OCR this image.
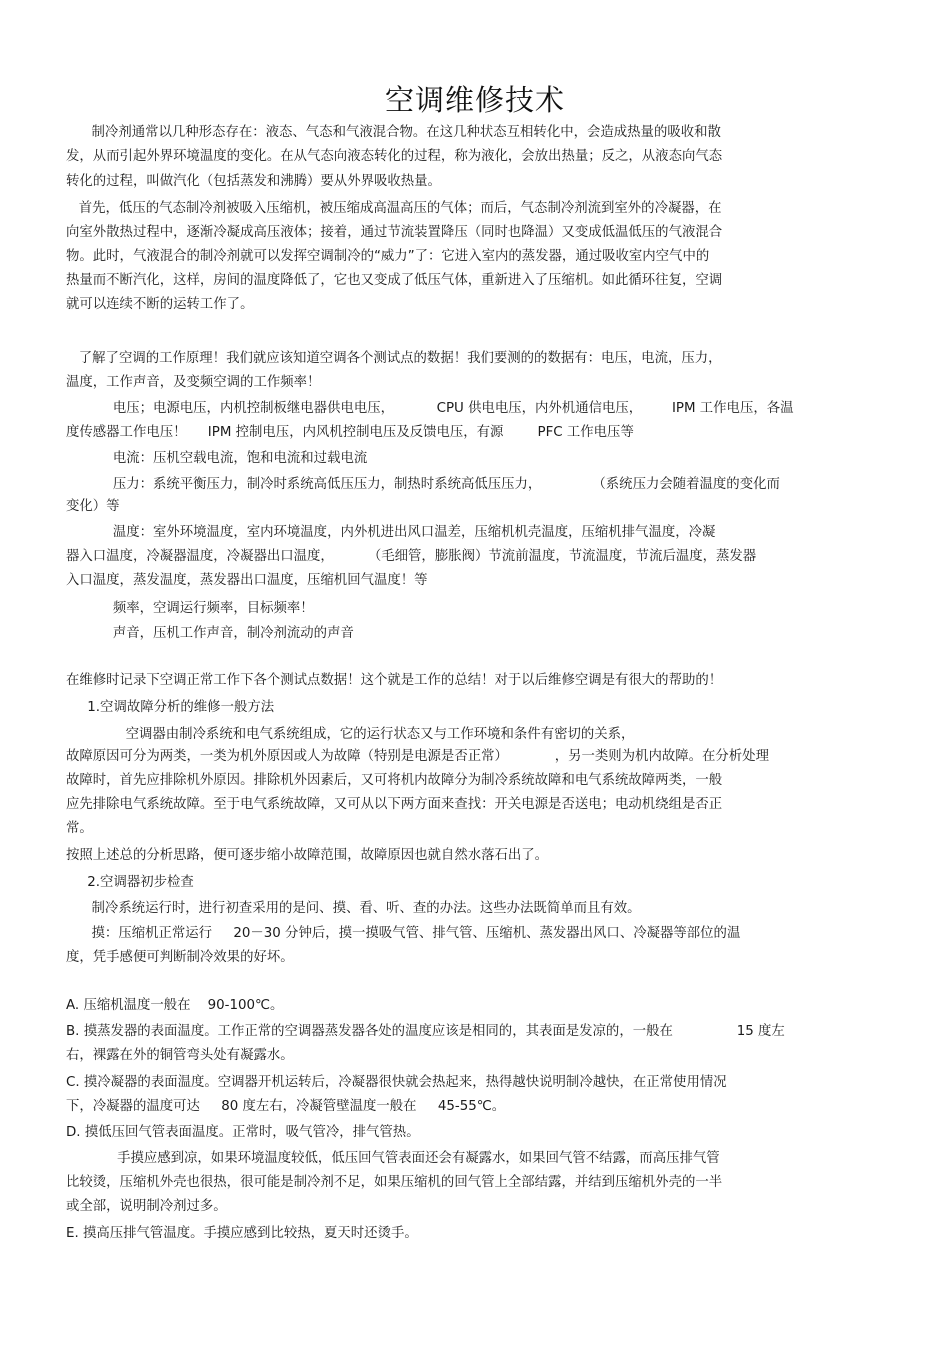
空调维修技术
制冷剂通常以几种形态存在：液态、气态和气液混合物。在这几种状态互相转化中，会造成热量的吸收和散
发，从而引起外界环境温度的变化。在从气态向液态转化的过程，称为液化，会放出热量；反之，从液态向气态
转化的过程，叫做汽化（包括蒸发和沸腾）要从外界吸收热量。
首先，低压的气态制冷剂被吸入压缩机，被压缩成高温高压的气体；而后，气态制冷剂流到室外的冷凝器，在
向室外散热过程中，逐渐冷凝成高压液体；接着，通过节流装置降压（同时也降温）又变成低温低压的气液混合
物。此时，气液混合的制冷剂就可以发挥空调制冷的“威力”了：它进入室内的蒸发器，通过吸收室内空气中的
热量而不断汽化，这样，房间的温度降低了，它也又变成了低压气体，重新进入了压缩机。如此循环往复，空调
就可以连续不断的运转工作了。
了解了空调的工作原理！我们就应该知道空调各个测试点的数据！我们要测的的数据有：电压，电流，压力，
温度，工作声音，及变频空调的工作频率！
电压；电源电压，内机控制板继电器供电电压，          CPU 供电电压，内外机通信电压，       IPM 工作电压，各温
度传感器工作电压！     IPM 控制电压，内风机控制电压及反馈电压，有源        PFC 工作电压等
电流：压机空载电流，饱和电流和过载电流
压力：系统平衡压力，制冷时系统高低压压力，制热时系统高低压压力，            （系统压力会随着温度的变化而
变化）等
温度：室外环境温度，室内环境温度，内外机进出风口温差，压缩机机壳温度，压缩机排气温度，冷凝
器入口温度，冷凝器温度，冷凝器出口温度，        （毛细管，膨胀阀）节流前温度，节流温度，节流后温度，蒸发器
入口温度，蒸发温度，蒸发器出口温度，压缩机回气温度！等
频率，空调运行频率，目标频率！
声音，压机工作声音，制冷剂流动的声音
在维修时记录下空调正常工作下各个测试点数据！这个就是工作的总结！对于以后维修空调是有很大的帮助的！
1.空调故障分析的维修一般方法
空调器由制冷系统和电气系统组成，它的运行状态又与工作环境和条件有密切的关系，
故障原因可分为两类，一类为机外原因或人为故障（特别是电源是否正常）           ，另一类则为机内故障。在分析处理
故障时，首先应排除机外原因。排除机外因素后，又可将机内故障分为制冷系统故障和电气系统故障两类，一般
应先排除电气系统故障。至于电气系统故障，又可从以下两方面来查找：开关电源是否送电；电动机绕组是否正
常。
按照上述总的分析思路，便可逐步缩小故障范围，故障原因也就自然水落石出了。
2.空调器初步检查
制冷系统运行时，进行初查采用的是问、摸、看、听、查的办法。这些办法既简单而且有效。
摸：压缩机正常运行     20－30 分钟后，摸一摸吸气管、排气管、压缩机、蒸发器出风口、冷凝器等部位的温
度，凭手感便可判断制冷效果的好坏。
A. 压缩机温度一般在    90-100℃。
B. 摸蒸发器的表面温度。工作正常的空调器蒸发器各处的温度应该是相同的，其表面是发凉的，一般在               15 度左
右，裸露在外的铜管弯头处有凝露水。
C. 摸冷凝器的表面温度。空调器开机运转后，冷凝器很快就会热起来，热得越快说明制冷越快，在正常使用情况
下，冷凝器的温度可达     80 度左右，冷凝管壁温度一般在     45-55℃。
D. 摸低压回气管表面温度。正常时，吸气管冷，排气管热。
手摸应感到凉，如果环境温度较低，低压回气管表面还会有凝露水，如果回气管不结露，而高压排气管
比较烫，压缩机外壳也很热，很可能是制冷剂不足，如果压缩机的回气管上全部结露，并结到压缩机外壳的一半
或全部，说明制冷剂过多。
E. 摸高压排气管温度。手摸应感到比较热，夏天时还烫手。
